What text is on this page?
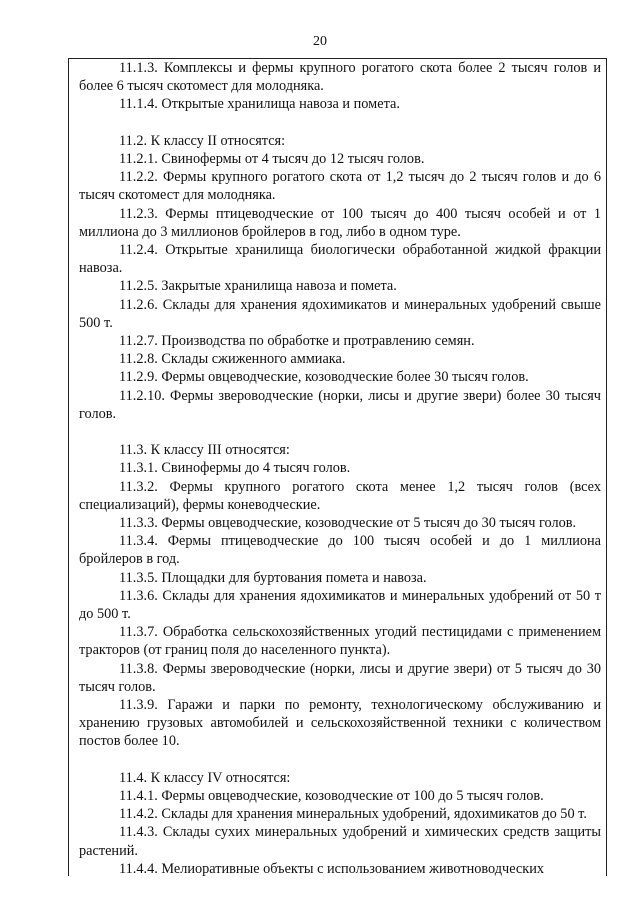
20

11.1.3. Комплексы и фермы крупного рогатого скота более 2 тысяч голов и более 6 тысяч скотомест для молодняка.

11.1.4. Открытые хранилища навоза и помета.

11.2. К классу II относятся:

11.2.1. Свинофермы от 4 тысяч до 12 тысяч голов.

11.2.2. Фермы крупного рогатого скота от 1,2 тысяч до 2 тысяч голов и до 6 тысяч скотомест для молодняка.

11.2.3. Фермы птицеводческие от 100 тысяч до 400 тысяч особей и от 1 миллиона до 3 миллионов бройлеров в год, либо в одном туре.

11.2.4. Открытые хранилища биологически обработанной жидкой фракции навоза.

11.2.5. Закрытые хранилища навоза и помета.

11.2.6. Склады для хранения ядохимикатов и минеральных удобрений свыше 500 т.

11.2.7. Производства по обработке и протравлению семян.

11.2.8. Склады сжиженного аммиака.

11.2.9. Фермы овцеводческие, козоводческие более 30 тысяч голов.

11.2.10. Фермы звероводческие (норки, лисы и другие звери) более 30 тысяч голов.

11.3. К классу III относятся:

11.3.1. Свинофермы до 4 тысяч голов.

11.3.2. Фермы крупного рогатого скота менее 1,2 тысяч голов (всех специализаций), фермы коневодческие.

11.3.3. Фермы овцеводческие, козоводческие от 5 тысяч до 30 тысяч голов.

11.3.4. Фермы птицеводческие до 100 тысяч особей и до 1 миллиона бройлеров в год.

11.3.5. Площадки для буртования помета и навоза.

11.3.6. Склады для хранения ядохимикатов и минеральных удобрений от 50 т до 500 т.

11.3.7. Обработка сельскохозяйственных угодий пестицидами с применением тракторов (от границ поля до населенного пункта).

11.3.8. Фермы звероводческие (норки, лисы и другие звери) от 5 тысяч до 30 тысяч голов.

11.3.9. Гаражи и парки по ремонту, технологическому обслуживанию и хранению грузовых автомобилей и сельскохозяйственной техники с количеством постов более 10.

11.4. К классу IV относятся:

11.4.1. Фермы овцеводческие, козоводческие от 100 до 5 тысяч голов.

11.4.2. Склады для хранения минеральных удобрений, ядохимикатов до 50 т.

11.4.3. Склады сухих минеральных удобрений и химических средств защиты растений.

11.4.4. Мелиоративные объекты с использованием животноводческих
